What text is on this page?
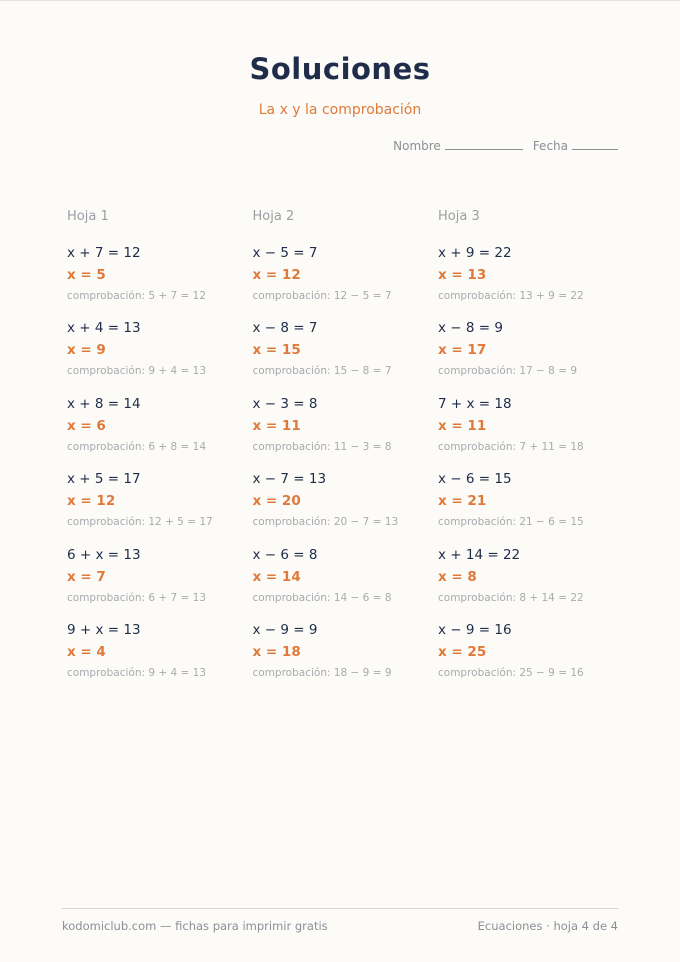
Soluciones
La x y la comprobación
Nombre	Fecha
Hoja 1
x + 7 = 12
x = 5
comprobación: 5 + 7 = 12
x + 4 = 13
x = 9
comprobación: 9 + 4 = 13
x + 8 = 14
x = 6
comprobación: 6 + 8 = 14
x + 5 = 17
x = 12
comprobación: 12 + 5 = 17
6 + x = 13
x = 7
comprobación: 6 + 7 = 13
9 + x = 13
x = 4
comprobación: 9 + 4 = 13
Hoja 2
x − 5 = 7
x = 12
comprobación: 12 − 5 = 7
x − 8 = 7
x = 15
comprobación: 15 − 8 = 7
x − 3 = 8
x = 11
comprobación: 11 − 3 = 8
x − 7 = 13
x = 20
comprobación: 20 − 7 = 13
x − 6 = 8
x = 14
comprobación: 14 − 6 = 8
x − 9 = 9
x = 18
comprobación: 18 − 9 = 9
Hoja 3
x + 9 = 22
x = 13
comprobación: 13 + 9 = 22
x − 8 = 9
x = 17
comprobación: 17 − 8 = 9
7 + x = 18
x = 11
comprobación: 7 + 11 = 18
x − 6 = 15
x = 21
comprobación: 21 − 6 = 15
x + 14 = 22
x = 8
comprobación: 8 + 14 = 22
x − 9 = 16
x = 25
comprobación: 25 − 9 = 16
kodomiclub.com — fichas para imprimir gratis	Ecuaciones · hoja 4 de 4
